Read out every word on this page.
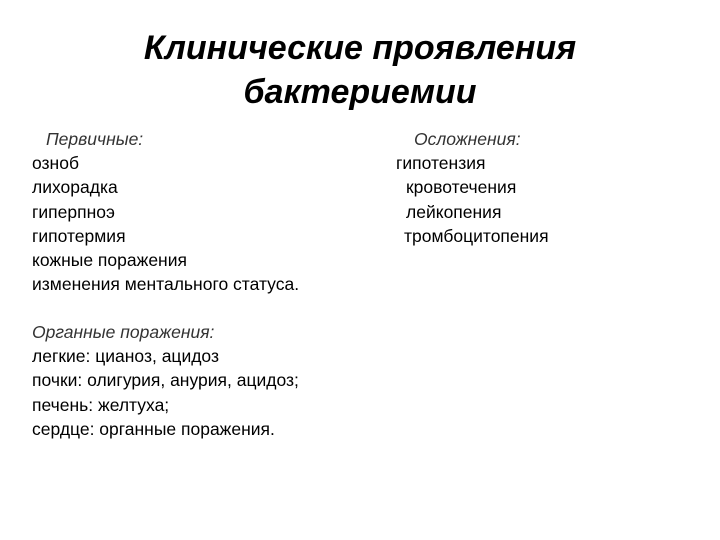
Клинические проявления
бактериемии
Первичные:
озноб
лихорадка
гиперпноэ
гипотермия
кожные поражения
изменения ментального статуса.
Органные поражения:
легкие: цианоз, ацидоз
почки: олигурия, анурия, ацидоз;
печень: желтуха;
сердце: органные поражения.
Осложнения:
гипотензия
кровотечения
лейкопения
тромбоцитопения
